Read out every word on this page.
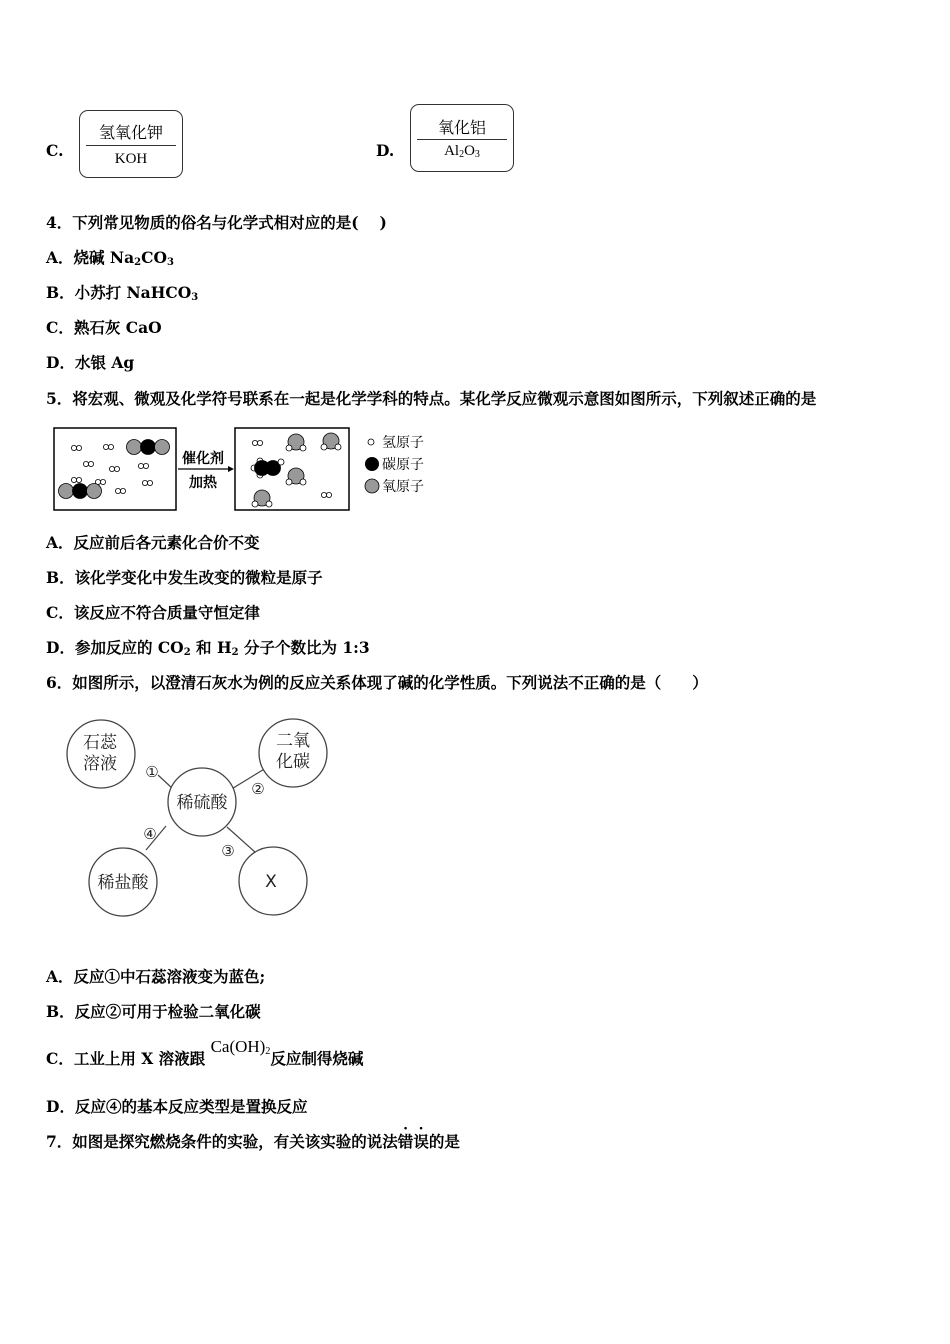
C.
氢氧化钾
KOH	D.
氧化铝
$Al_2O_3$
4．下列常见物质的俗名与化学式相对应的是(　 )
A．烧碱 $Na_2CO_3$
B．小苏打 NaHCO$_3$
C．熟石灰 CaO
D．水银 Ag
5．将宏观、微观及化学符号联系在一起是化学学科的特点。某化学反应微观示意图如图所示，下列叙述正确的是
催化剂
加热
氢原子
碳原子
氧原子
A．反应前后各元素化合价不变
B．该化学变化中发生改变的微粒是原子
C．该反应不符合质量守恒定律
D．参加反应的 $CO_2$ 和 $H_2$ 分子个数比为 1:3
6．如图所示，以澄清石灰水为例的反应关系体现了碱的化学性质。下列说法不正确的是（　　）
石蕊
溶液
二氧
化碳
稀硫酸
稀盐酸	X
①
②
③
④
A．反应①中石蕊溶液变为蓝色;
B．反应②可用于检验二氧化碳
C．工业上用 X 溶液跟 $Ca(OH)_2$反应制得烧碱
D．反应④的基本反应类型是置换反应
7．如图是探究燃烧条件的实验，有关该实验的说法错误的是
